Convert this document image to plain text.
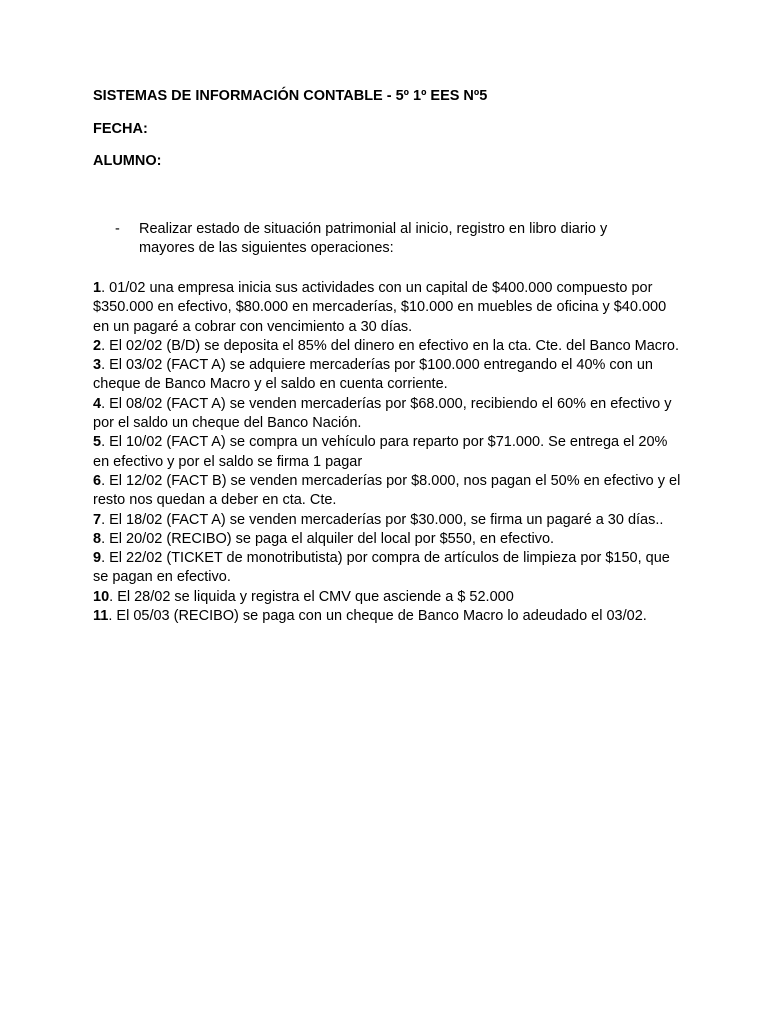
SISTEMAS DE INFORMACIÓN CONTABLE - 5º 1º EES Nº5

FECHA:

ALUMNO:

-	Realizar estado de situación patrimonial al inicio, registro en libro diario y mayores de las siguientes operaciones:

1. 01/02 una empresa inicia sus actividades con un capital de $400.000 compuesto por $350.000 en efectivo, $80.000 en mercaderías, $10.000 en muebles de oficina y $40.000 en un pagaré a cobrar con vencimiento a 30 días.

2. El 02/02 (B/D) se deposita el 85% del dinero en efectivo en la cta. Cte. del Banco Macro.

3. El 03/02 (FACT A) se adquiere mercaderías por $100.000 entregando el 40% con un cheque de Banco Macro y el saldo en cuenta corriente.

4. El 08/02 (FACT A) se venden mercaderías por $68.000, recibiendo el 60% en efectivo y por el saldo un cheque del Banco Nación.

5. El 10/02 (FACT A) se compra un vehículo para reparto por $71.000. Se entrega el 20% en efectivo y por el saldo se firma 1 pagar

6. El 12/02 (FACT B) se venden mercaderías por $8.000, nos pagan el 50% en efectivo y el resto nos quedan a deber en cta. Cte.

7. El 18/02 (FACT A) se venden mercaderías por $30.000, se firma un pagaré a 30 días..

8. El 20/02 (RECIBO) se paga el alquiler del local por $550, en efectivo.

9. El 22/02 (TICKET de monotributista) por compra de artículos de limpieza por $150, que se pagan en efectivo.

10. El 28/02 se liquida y registra el CMV que asciende a $ 52.000

11. El 05/03 (RECIBO) se paga con un cheque de Banco Macro lo adeudado el 03/02.
